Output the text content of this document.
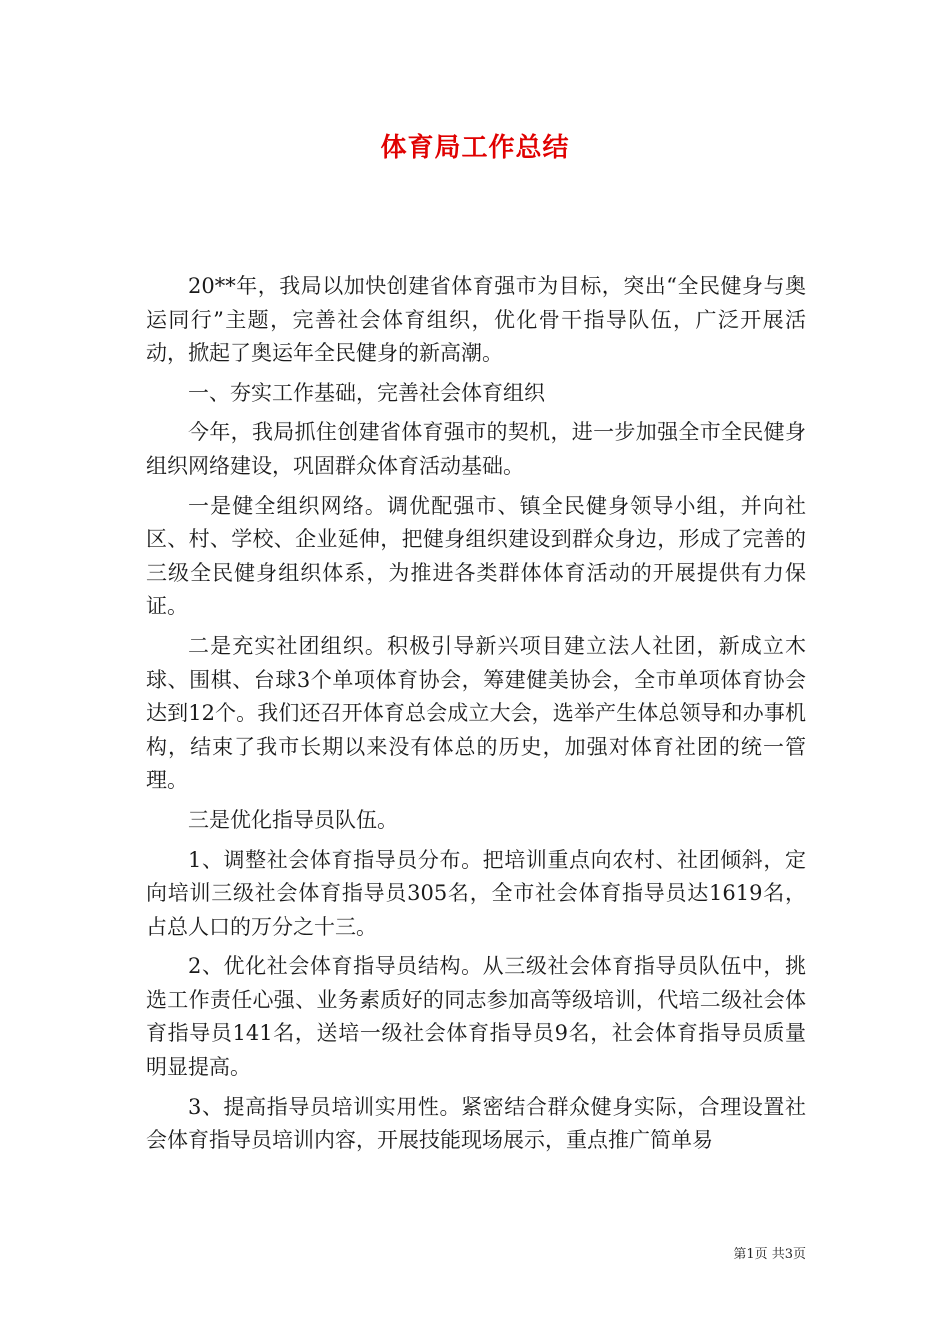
体育局工作总结

20**年，我局以加快创建省体育强市为目标，突出“全民健身与奥运同行”主题，完善社会体育组织，优化骨干指导队伍，广泛开展活动，掀起了奥运年全民健身的新高潮。

一、夯实工作基础，完善社会体育组织

今年，我局抓住创建省体育强市的契机，进一步加强全市全民健身组织网络建设，巩固群众体育活动基础。

一是健全组织网络。调优配强市、镇全民健身领导小组，并向社区、村、学校、企业延伸，把健身组织建设到群众身边，形成了完善的三级全民健身组织体系，为推进各类群体体育活动的开展提供有力保证。

二是充实社团组织。积极引导新兴项目建立法人社团，新成立木球、围棋、台球3个单项体育协会，筹建健美协会，全市单项体育协会达到12个。我们还召开体育总会成立大会，选举产生体总领导和办事机构，结束了我市长期以来没有体总的历史，加强对体育社团的统一管理。

三是优化指导员队伍。

1、调整社会体育指导员分布。把培训重点向农村、社团倾斜，定向培训三级社会体育指导员305名，全市社会体育指导员达1619名，占总人口的万分之十三。

2、优化社会体育指导员结构。从三级社会体育指导员队伍中，挑选工作责任心强、业务素质好的同志参加高等级培训，代培二级社会体育指导员141名，送培一级社会体育指导员9名，社会体育指导员质量明显提高。

3、提高指导员培训实用性。紧密结合群众健身实际，合理设置社会体育指导员培训内容，开展技能现场展示，重点推广简单易

第1页 共3页
